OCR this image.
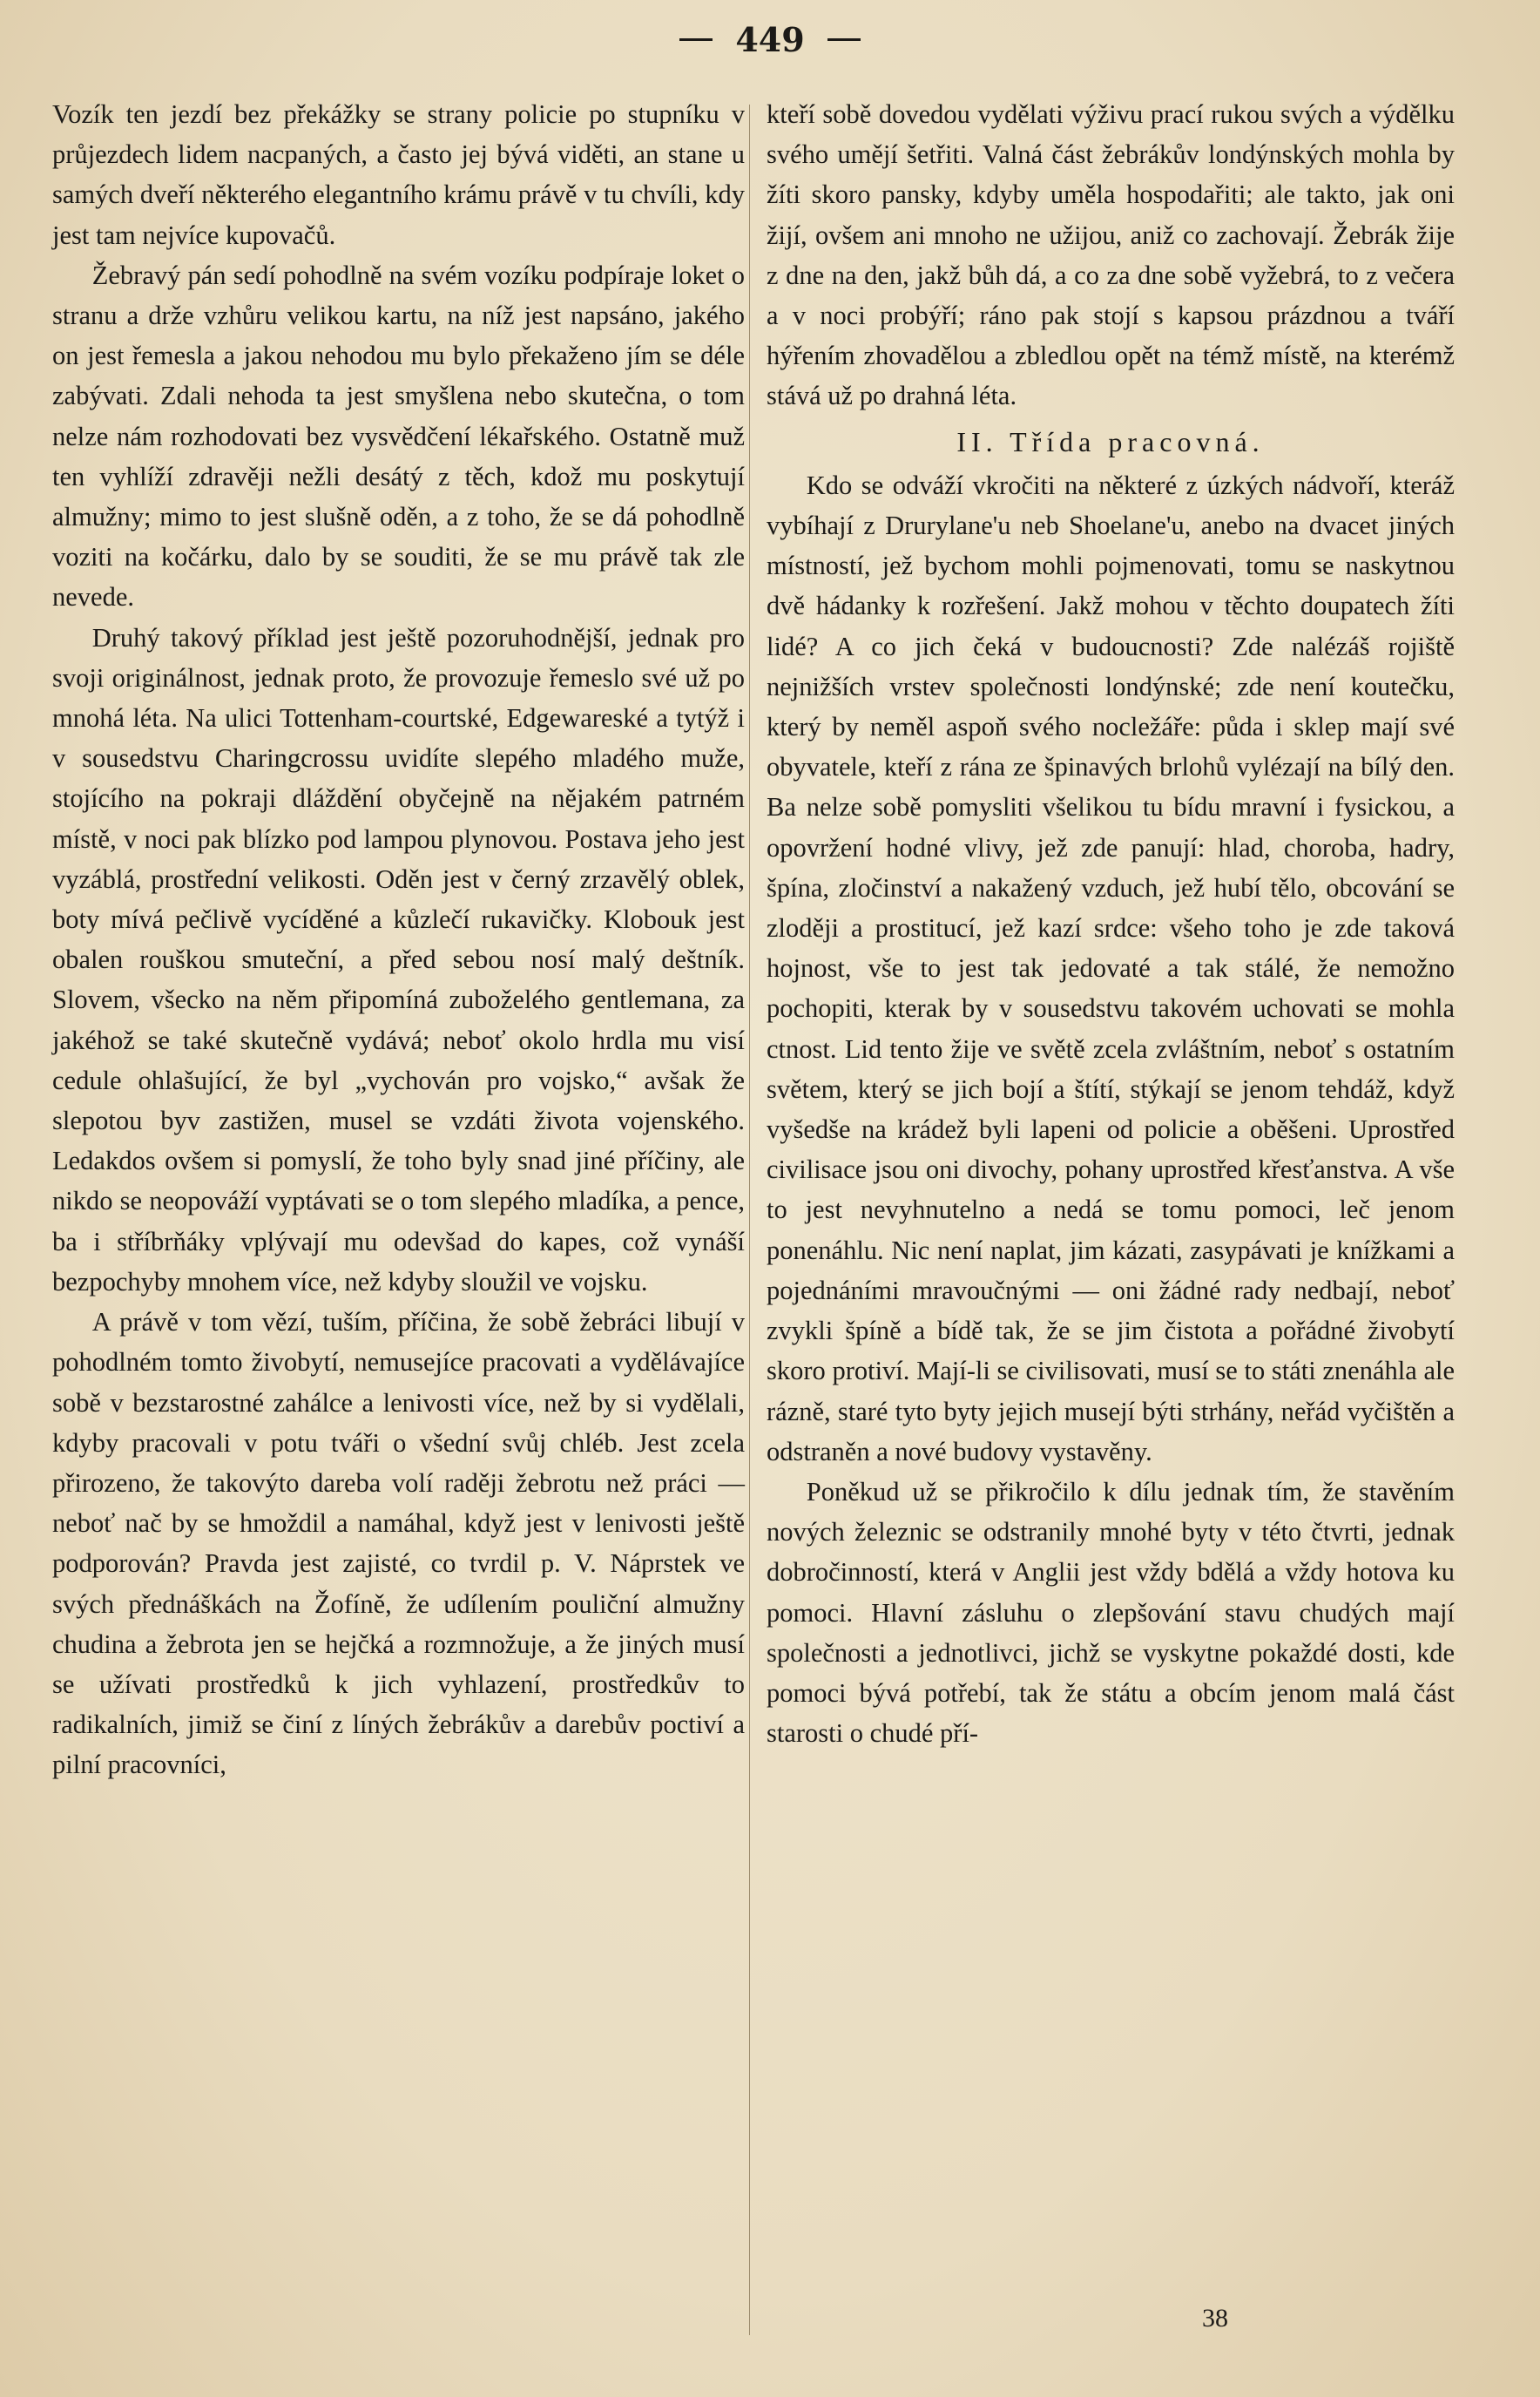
449

Vozík ten jezdí bez překážky se strany policie po stupníku v průjezdech lidem nacpaných, a často jej bývá viděti, an stane u samých dveří některého elegantního krámu právě v tu chvíli, kdy jest tam nejvíce kupovačů.

Žebravý pán sedí pohodlně na svém vozíku podpíraje loket o stranu a drže vzhůru velikou kartu, na níž jest napsáno, jakého on jest řemesla a jakou nehodou mu bylo překaženo jím se déle zabývati. Zdali nehoda ta jest smyšlena nebo skutečna, o tom nelze nám rozhodovati bez vysvědčení lékařského. Ostatně muž ten vyhlíží zdravěji nežli desátý z těch, kdož mu poskytují almužny; mimo to jest slušně oděn, a z toho, že se dá pohodlně voziti na kočárku, dalo by se souditi, že se mu právě tak zle nevede.

Druhý takový příklad jest ještě pozoruhodnější, jednak pro svoji originálnost, jednak proto, že provozuje řemeslo své už po mnohá léta. Na ulici Tottenham-courtské, Edgewareské a tytýž i v sousedstvu Charingcrossu uvidíte slepého mladého muže, stojícího na pokraji dláždění obyčejně na nějakém patrném místě, v noci pak blízko pod lampou plynovou. Postava jeho jest vyzáblá, prostřední velikosti. Oděn jest v černý zrzavělý oblek, boty mívá pečlivě vycíděné a kůzlečí rukavičky. Klobouk jest obalen rouškou smuteční, a před sebou nosí malý deštník. Slovem, všecko na něm připomíná zuboželého gentlemana, za jakéhož se také skutečně vydává; neboť okolo hrdla mu visí cedule ohlašující, že byl „vychován pro vojsko,“ avšak že slepotou byv zastižen, musel se vzdáti života vojenského. Ledakdos ovšem si pomyslí, že toho byly snad jiné příčiny, ale nikdo se neopováží vyptávati se o tom slepého mladíka, a pence, ba i stříbrňáky vplývají mu odevšad do kapes, což vynáší bezpochyby mnohem více, než kdyby sloužil ve vojsku.

A právě v tom vězí, tuším, příčina, že sobě žebráci libují v pohodlném tomto živobytí, nemusejíce pracovati a vydělávajíce sobě v bezstarostné zahálce a lenivosti více, než by si vydělali, kdyby pracovali v potu tváři o všední svůj chléb. Jest zcela přirozeno, že takovýto dareba volí raději žebrotu než práci — neboť nač by se hmoždil a namáhal, když jest v lenivosti ještě podporován? Pravda jest zajisté, co tvrdil p. V. Náprstek ve svých přednáškách na Žofíně, že udílením pouliční almužny chudina a žebrota jen se hejčká a rozmnožuje, a že jiných musí se užívati prostředků k jich vyhlazení, prostředkův to radikalních, jimiž se činí z líných žebrákův a darebův poctiví a pilní pracovníci,

kteří sobě dovedou vydělati výživu prací rukou svých a výdělku svého umějí šetřiti. Valná část žebrákův londýnských mohla by žíti skoro pansky, kdyby uměla hospodařiti; ale takto, jak oni žijí, ovšem ani mnoho ne užijou, aniž co zachovají. Žebrák žije z dne na den, jakž bůh dá, a co za dne sobě vyžebrá, to z večera a v noci probýří; ráno pak stojí s kapsou prázdnou a tváří hýřením zhovadělou a zbledlou opět na témž místě, na kterémž stává už po drahná léta.

II. Třída pracovná.

Kdo se odváží vkročiti na některé z úzkých nádvoří, kteráž vybíhají z Drurylane'u neb Shoelane'u, anebo na dvacet jiných místností, jež bychom mohli pojmenovati, tomu se naskytnou dvě hádanky k rozřešení. Jakž mohou v těchto doupatech žíti lidé? A co jich čeká v budoucnosti? Zde nalézáš rojiště nejnižších vrstev společnosti londýnské; zde není koutečku, který by neměl aspoň svého nocležáře: půda i sklep mají své obyvatele, kteří z rána ze špinavých brlohů vylézají na bílý den. Ba nelze sobě pomysliti všelikou tu bídu mravní i fysickou, a opovržení hodné vlivy, jež zde panují: hlad, choroba, hadry, špína, zločinství a nakažený vzduch, jež hubí tělo, obcování se zloději a prostitucí, jež kazí srdce: všeho toho je zde taková hojnost, vše to jest tak jedovaté a tak stálé, že nemožno pochopiti, kterak by v sousedstvu takovém uchovati se mohla ctnost. Lid tento žije ve světě zcela zvláštním, neboť s ostatním světem, který se jich bojí a štítí, stýkají se jenom tehdáž, když vyšedše na krádež byli lapeni od policie a oběšeni. Uprostřed civilisace jsou oni divochy, pohany uprostřed křesťanstva. A vše to jest nevyhnutelno a nedá se tomu pomoci, leč jenom ponenáhlu. Nic není naplat, jim kázati, zasypávati je knížkami a pojednáními mravoučnými — oni žádné rady nedbají, neboť zvykli špíně a bídě tak, že se jim čistota a pořádné živobytí skoro protiví. Mají-li se civilisovati, musí se to státi znenáhla ale rázně, staré tyto byty jejich musejí býti strhány, neřád vyčištěn a odstraněn a nové budovy vystavěny.

Poněkud už se přikročilo k dílu jednak tím, že stavěním nových železnic se odstranily mnohé byty v této čtvrti, jednak dobročinností, která v Anglii jest vždy bdělá a vždy hotova ku pomoci. Hlavní zásluhu o zlepšování stavu chudých mají společnosti a jednotlivci, jichž se vyskytne pokaždé dosti, kde pomoci bývá potřebí, tak že státu a obcím jenom malá část starosti o chudé pří-

38
